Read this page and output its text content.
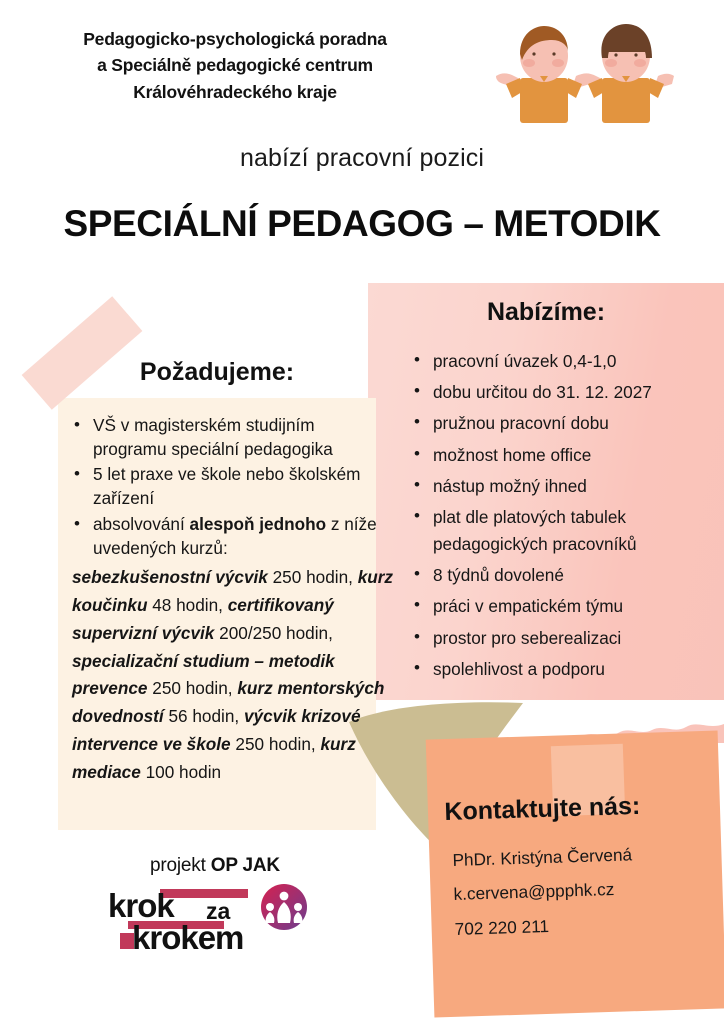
Pedagogicko-psychologická poradna
a Speciálně pedagogické centrum
Královéhradeckého kraje
nabízí pracovní pozici
SPECIÁLNÍ PEDAGOG – METODIK
Požadujeme:
• VŠ v magisterském studijním programu speciální pedagogika
• 5 let praxe ve škole nebo školském zařízení
• absolvování alespoň jednoho z níže uvedených kurzů:
sebezkušenostní výcvik 250 hodin, kurz koučinku 48 hodin, certifikovaný supervizní výcvik 200/250 hodin, specializační studium – metodik prevence 250 hodin, kurz mentorských dovedností 56 hodin, výcvik krizové intervence ve škole 250 hodin, kurz mediace 100 hodin
Nabízíme:
• pracovní úvazek 0,4-1,0
• dobu určitou do 31. 12. 2027
• pružnou pracovní dobu
• možnost home office
• nástup možný ihned
• plat dle platových tabulek pedagogických pracovníků
• 8 týdnů dovolené
• práci v empatickém týmu
• prostor pro seberealizaci
• spolehlivost a podporu
Kontaktujte nás:
PhDr. Kristýna Červená
k.cervena@ppphk.cz
702 220 211
projekt OP JAK
krok za
krokem
